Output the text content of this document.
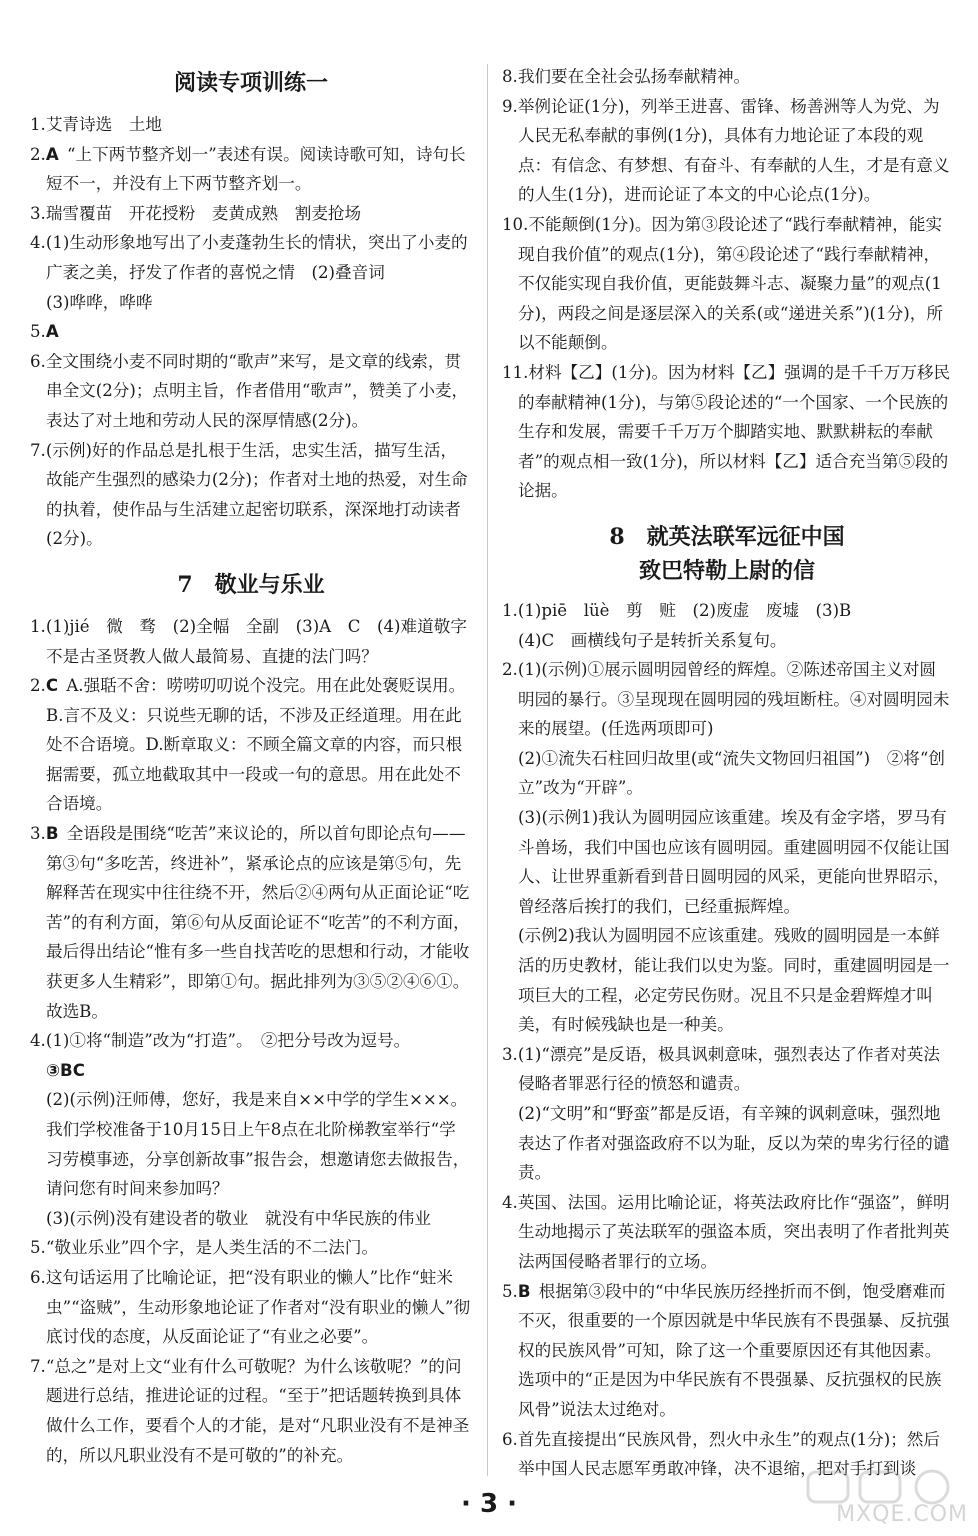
阅读专项训练一

1.艾青诗选　土地

2.A  “上下两节整齐划一”表述有误。阅读诗歌可知，诗句长短不一，并没有上下两节整齐划一。

3.瑞雪覆苗　开花授粉　麦黄成熟　割麦抢场

4.(1)生动形象地写出了小麦蓬勃生长的情状，突出了小麦的广袤之美，抒发了作者的喜悦之情　(2)叠音词

(3)哗哗，哗哗

5.A

6.全文围绕小麦不同时期的“歌声”来写，是文章的线索，贯串全文(2分)；点明主旨，作者借用“歌声”，赞美了小麦，表达了对土地和劳动人民的深厚情感(2分)。

7.(示例)好的作品总是扎根于生活，忠实生活，描写生活，故能产生强烈的感染力(2分)；作者对土地的热爱，对生命的执着，使作品与生活建立起密切联系，深深地打动读者(2分)。

7　敬业与乐业

1.(1)jié　微　骛　(2)全幅　全副　(3)A　C　(4)难道敬字不是古圣贤教人做人最简易、直捷的法门吗？

2.C  A.强聒不舍：唠唠叨叨说个没完。用在此处褒贬误用。B.言不及义：只说些无聊的话，不涉及正经道理。用在此处不合语境。D.断章取义：不顾全篇文章的内容，而只根据需要，孤立地截取其中一段或一句的意思。用在此处不合语境。

3.B  全语段是围绕“吃苦”来议论的，所以首句即论点句——第③句“多吃苦，终进补”，紧承论点的应该是第⑤句，先解释苦在现实中往往绕不开，然后②④两句从正面论证“吃苦”的有利方面，第⑥句从反面论证不“吃苦”的不利方面，最后得出结论“惟有多一些自找苦吃的思想和行动，才能收获更多人生精彩”，即第①句。据此排列为③⑤②④⑥①。故选B。

4.(1)①将“制造”改为“打造”。　②把分号改为逗号。

③BC

(2)(示例)汪师傅，您好，我是来自××中学的学生×××。我们学校准备于10月15日上午8点在北阶梯教室举行“学习劳模事迹，分享创新故事”报告会，想邀请您去做报告，请问您有时间来参加吗？

(3)(示例)没有建设者的敬业　就没有中华民族的伟业

5.“敬业乐业”四个字，是人类生活的不二法门。

6.这句话运用了比喻论证，把“没有职业的懒人”比作“蛀米虫”“盗贼”，生动形象地论证了作者对“没有职业的懒人”彻底讨伐的态度，从反面论证了“有业之必要”。

7.“总之”是对上文“业有什么可敬呢？为什么该敬呢？”的问题进行总结，推进论证的过程。“至于”把话题转换到具体做什么工作，要看个人的才能，是对“凡职业没有不是神圣的，所以凡职业没有不是可敬的”的补充。

8.我们要在全社会弘扬奉献精神。

9.举例论证(1分)，列举王进喜、雷锋、杨善洲等人为党、为人民无私奉献的事例(1分)，具体有力地论证了本段的观点：有信念、有梦想、有奋斗、有奉献的人生，才是有意义的人生(1分)，进而论证了本文的中心论点(1分)。

10.不能颠倒(1分)。因为第③段论述了“践行奉献精神，能实现自我价值”的观点(1分)，第④段论述了“践行奉献精神，不仅能实现自我价值，更能鼓舞斗志、凝聚力量”的观点(1分)，两段之间是逐层深入的关系(或“递进关系”)(1分)，所以不能颠倒。

11.材料【乙】(1分)。因为材料【乙】强调的是千千万万移民的奉献精神(1分)，与第⑤段论述的“一个国家、一个民族的生存和发展，需要千千万万个脚踏实地、默默耕耘的奉献者”的观点相一致(1分)，所以材料【乙】适合充当第⑤段的论据。

8　就英法联军远征中国
致巴特勒上尉的信

1.(1)piē　lüè　剪　赃　(2)废虚　废墟　(3)B

(4)C　画横线句子是转折关系复句。

2.(1)(示例)①展示圆明园曾经的辉煌。②陈述帝国主义对圆明园的暴行。③呈现现在圆明园的残垣断柱。④对圆明园未来的展望。(任选两项即可)

(2)①流失石柱回归故里(或“流失文物回归祖国”)　②将“创立”改为“开辟”。

(3)(示例1)我认为圆明园应该重建。埃及有金字塔，罗马有斗兽场，我们中国也应该有圆明园。重建圆明园不仅能让国人、让世界重新看到昔日圆明园的风采，更能向世界昭示，曾经落后挨打的我们，已经重振辉煌。

(示例2)我认为圆明园不应该重建。残败的圆明园是一本鲜活的历史教材，能让我们以史为鉴。同时，重建圆明园是一项巨大的工程，必定劳民伤财。况且不只是金碧辉煌才叫美，有时候残缺也是一种美。

3.(1)“漂亮”是反语，极具讽刺意味，强烈表达了作者对英法侵略者罪恶行径的愤怒和谴责。

(2)“文明”和“野蛮”都是反语，有辛辣的讽刺意味，强烈地表达了作者对强盗政府不以为耻，反以为荣的卑劣行径的谴责。

4.英国、法国。运用比喻论证，将英法政府比作“强盗”，鲜明生动地揭示了英法联军的强盗本质，突出表明了作者批判英法两国侵略者罪行的立场。

5.B  根据第③段中的“中华民族历经挫折而不倒，饱受磨难而不灭，很重要的一个原因就是中华民族有不畏强暴、反抗强权的民族风骨”可知，除了这一个重要原因还有其他因素。选项中的“正是因为中华民族有不畏强暴、反抗强权的民族风骨”说法太过绝对。

6.首先直接提出“民族风骨，烈火中永生”的观点(1分)；然后举中国人民志愿军勇敢冲锋，决不退缩，把对手打到谈

· 3 ·	MXQE.COM
